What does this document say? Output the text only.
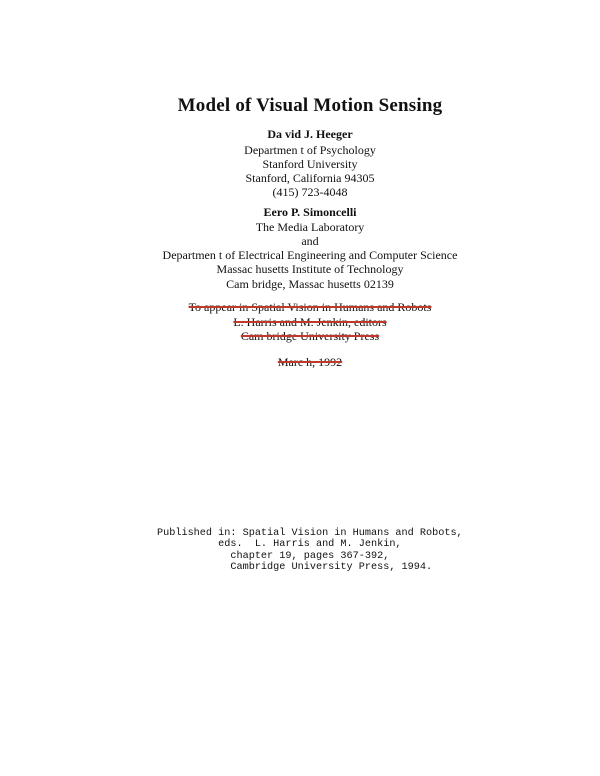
Model of Visual Motion Sensing
Da vid J. Heeger
Departmen t of Psychology
Stanford University
Stanford, California 94305
(415) 723-4048
Eero P. Simoncelli
The Media Laboratory
and
Departmen t of Electrical Engineering and Computer Science
Massac husetts Institute of Technology
Cam bridge, Massac husetts 02139
To appear in Spatial Vision in Humans and Robots
L. Harris and M. Jenkin, editors
Cam bridge University Press
Marc h, 1992
Published in: Spatial Vision in Humans and Robots,
eds.  L. Harris and M. Jenkin,
chapter 19, pages 367-392,
Cambridge University Press, 1994.
